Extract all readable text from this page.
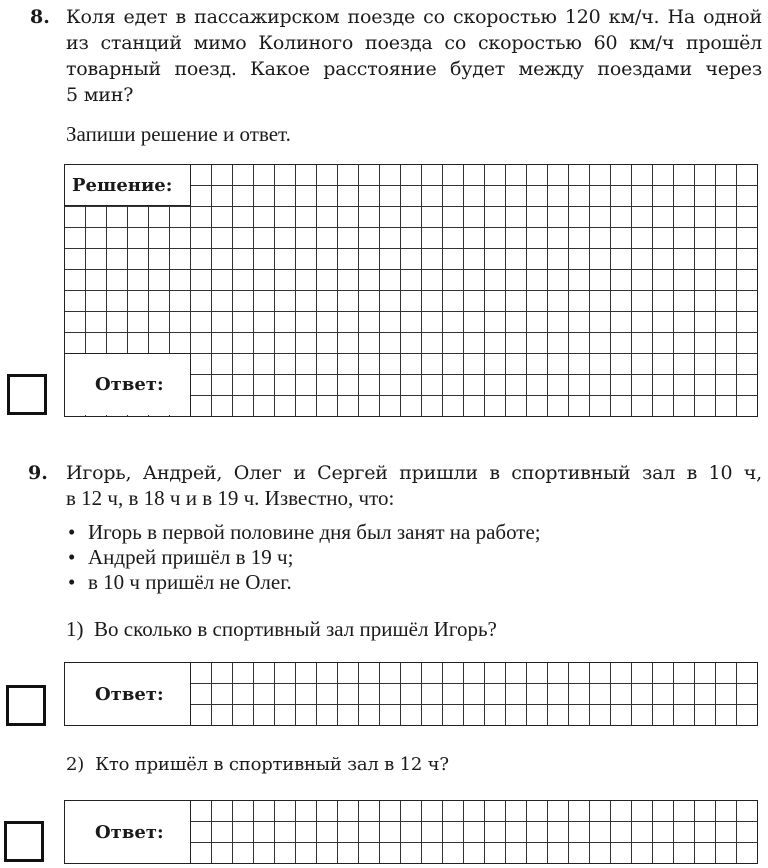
8. Коля едет в пассажирском поезде со скоростью 120 км/ч. На одной
из станций мимо Колиного поезда со скоростью 60 км/ч прошёл
товарный поезд. Какое расстояние будет между поездами через
5 мин?
Запиши решение и ответ.
Решение:
Ответ:
9. Игорь, Андрей, Олег и Сергей пришли в спортивный зал в 10 ч,
в 12 ч, в 18 ч и в 19 ч. Известно, что:
• Игорь в первой половине дня был занят на работе;
• Андрей пришёл в 19 ч;
• в 10 ч пришёл не Олег.
1) Во сколько в спортивный зал пришёл Игорь?
Ответ:
2) Кто пришёл в спортивный зал в 12 ч?
Ответ:
